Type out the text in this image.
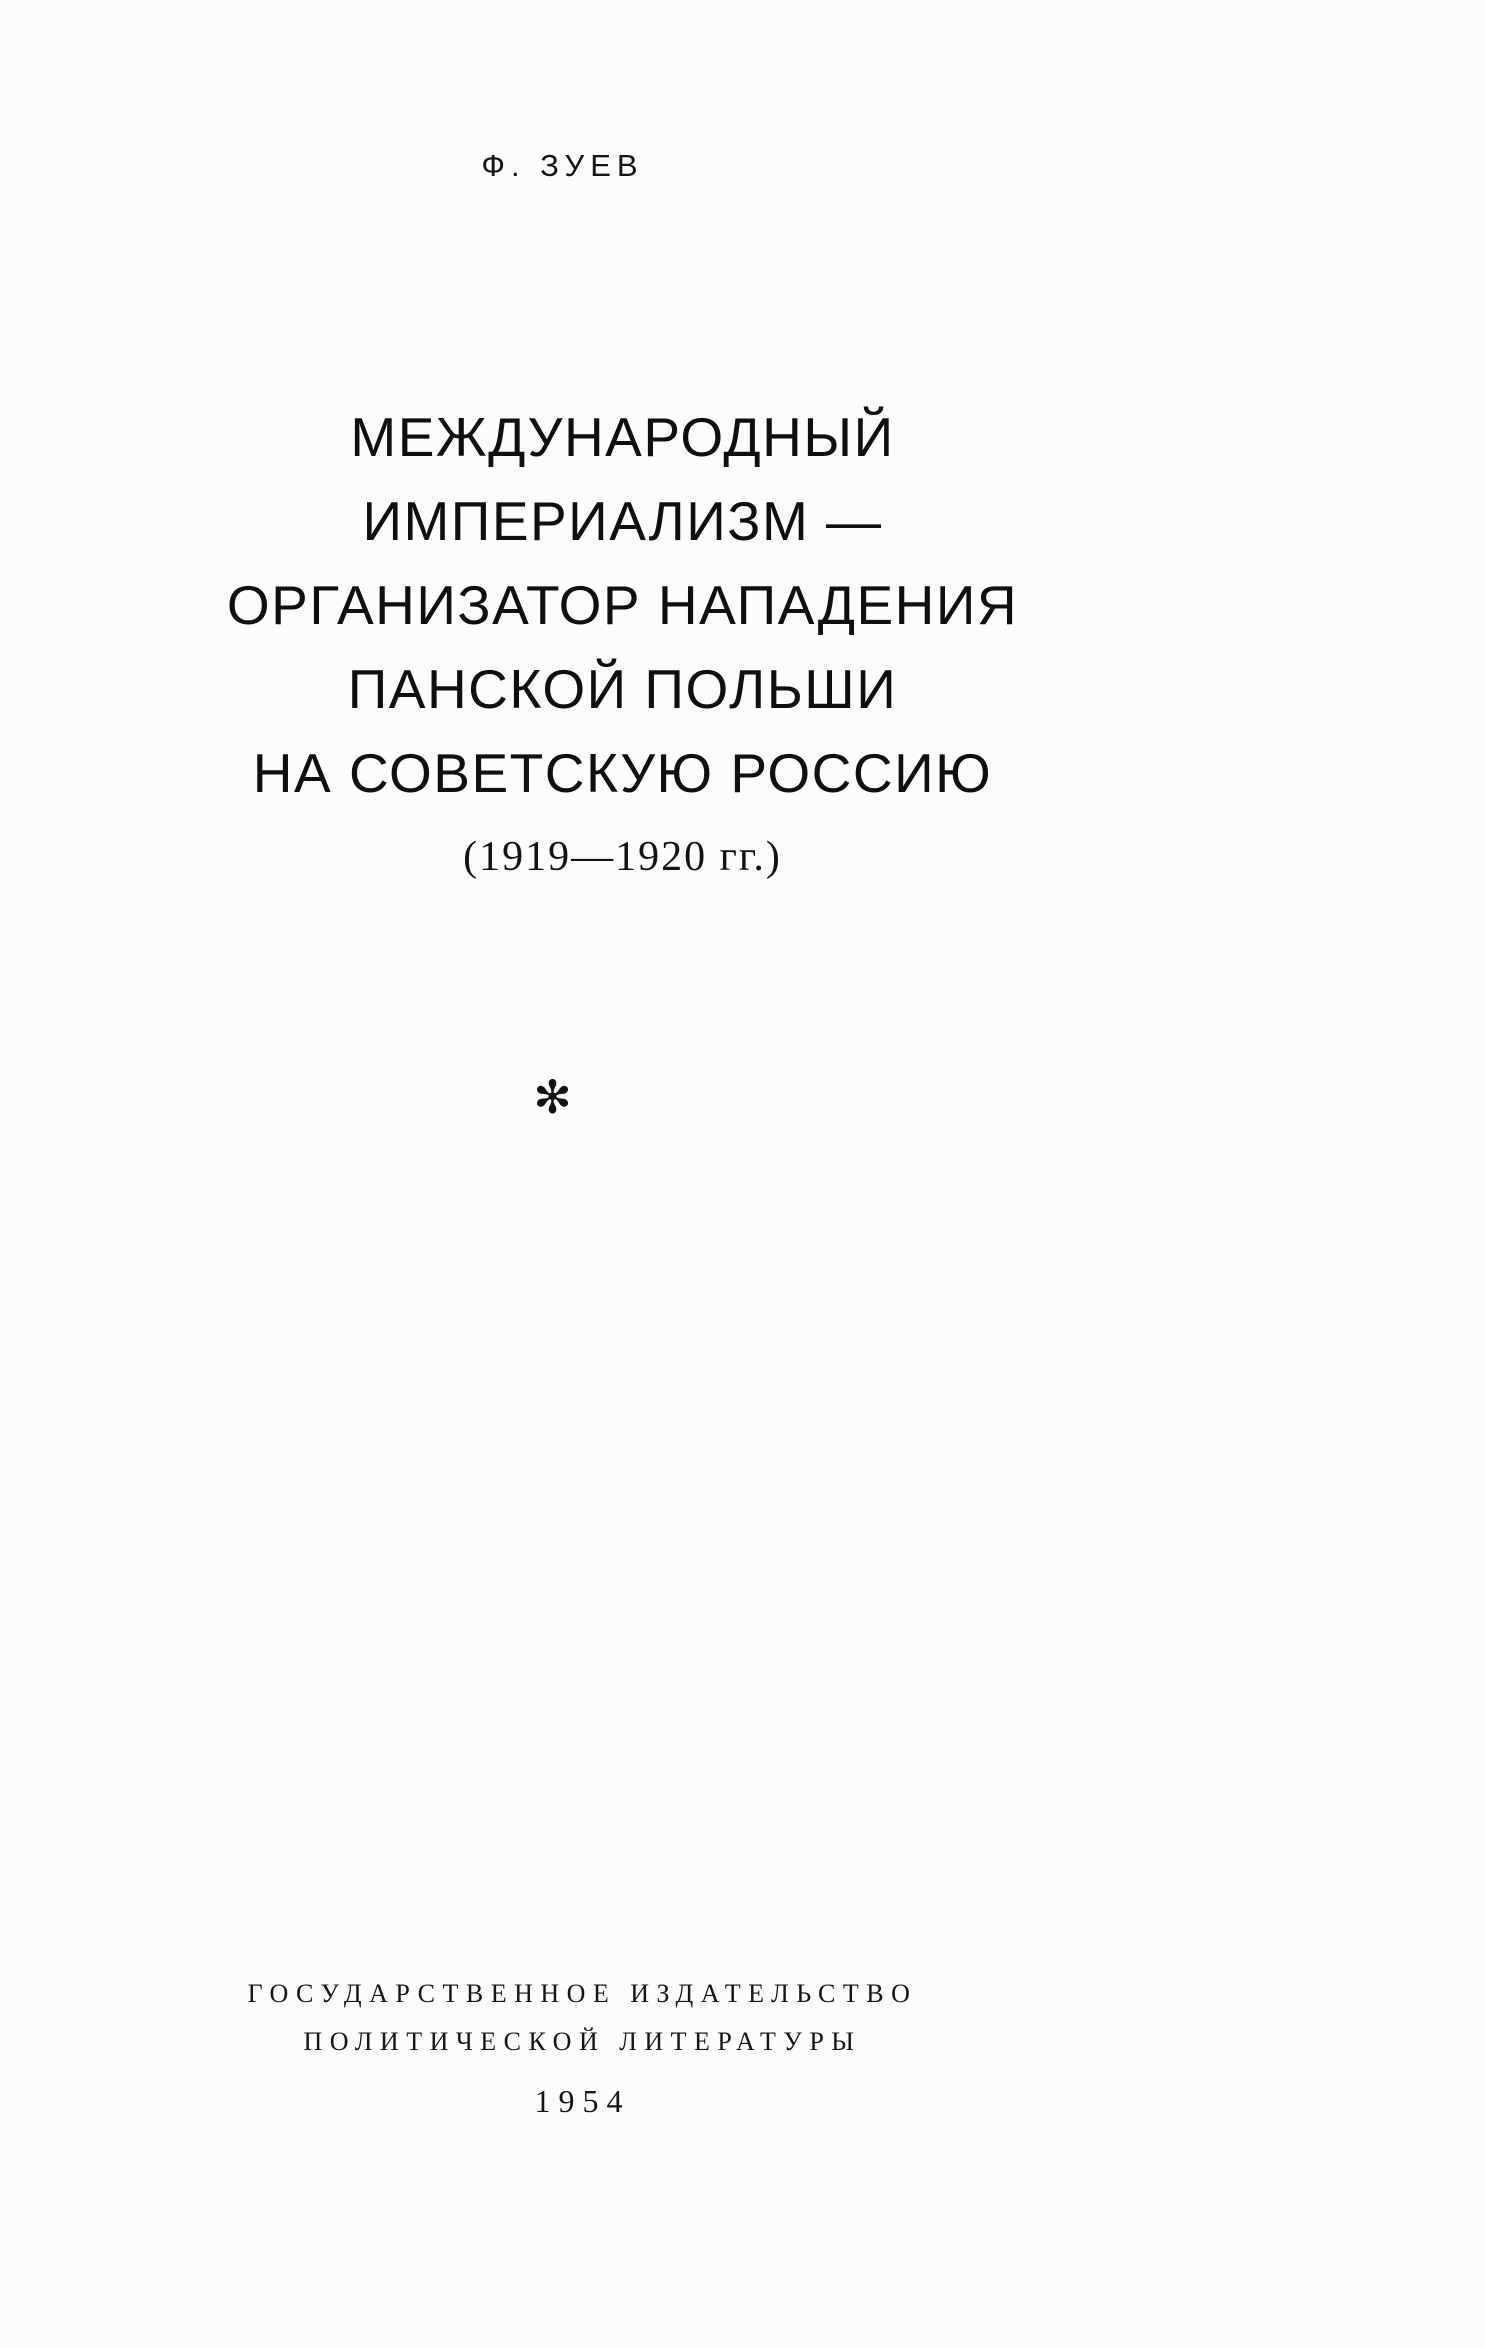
Ф. ЗУЕВ
МЕЖДУНАРОДНЫЙ
ИМПЕРИАЛИЗМ —
ОРГАНИЗАТОР НАПАДЕНИЯ
ПАНСКОЙ ПОЛЬШИ
НА СОВЕТСКУЮ РОССИЮ
(1919—1920 гг.)
✻
ГОСУДАРСТВЕННОЕ ИЗДАТЕЛЬСТВО
ПОЛИТИЧЕСКОЙ ЛИТЕРАТУРЫ
1954
